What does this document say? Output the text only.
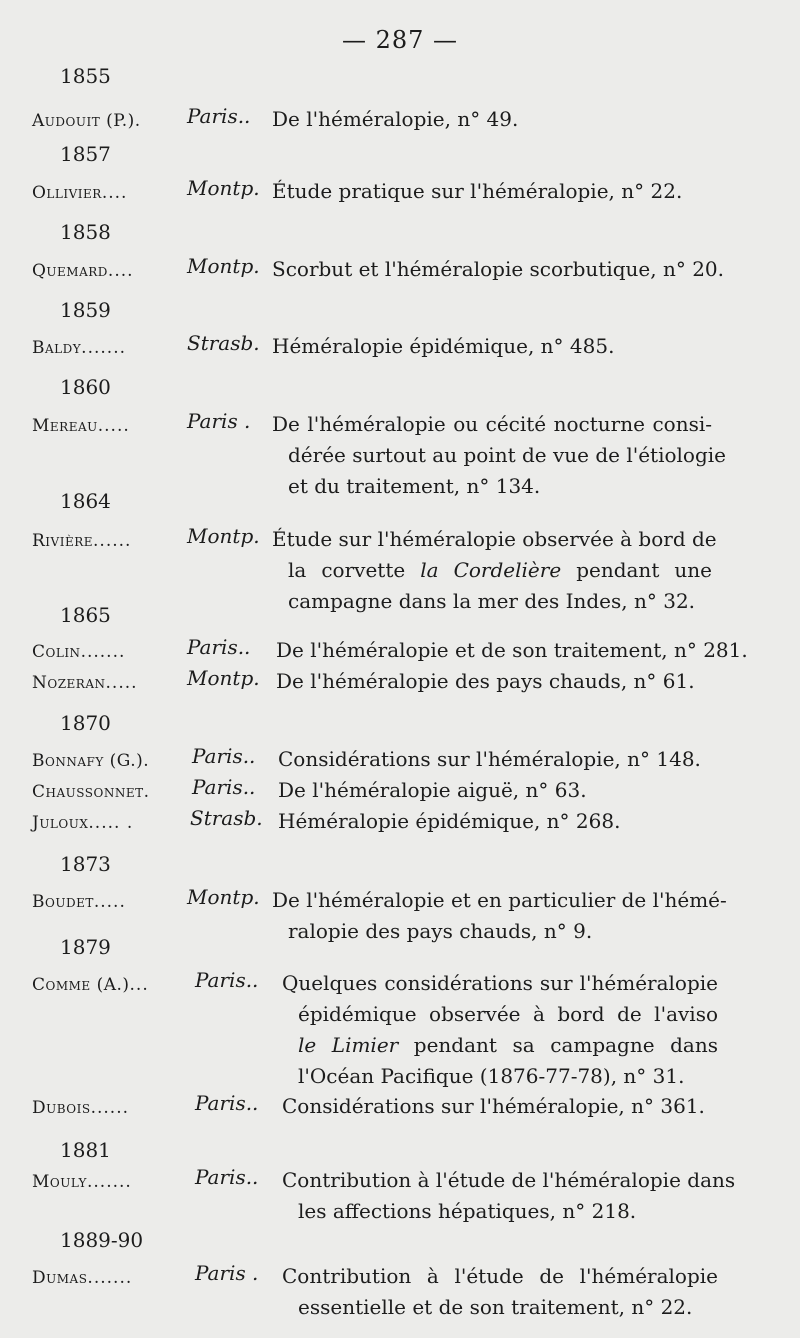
— 287 —
1855
Audouit (P.). Paris.. De l'héméralopie, n° 49.
1857
Ollivier....	Montp. Étude pratique sur l'héméralopie, n° 22.
1858
Quemard....	Montp. Scorbut et l'héméralopie scorbutique, n° 20.
1859
Baldy.......	Strasb. Héméralopie épidémique, n° 485.
1860
Mereau.....	Paris . De l'héméralopie ou cécité nocturne consi-
dérée surtout au point de vue de l'étiologie
et du traitement, n° 134.
1864
Rivière......	Montp. Étude sur l'héméralopie observée à bord de
la corvette la Cordelière pendant une
campagne dans la mer des Indes, n° 32.
1865
Colin.......	Paris.. De l'héméralopie et de son traitement, n° 281.
Nozeran..... Montp. De l'héméralopie des pays chauds, n° 61.
1870
Bonnafy (G.). Paris.. Considérations sur l'héméralopie, n° 148.
Chaussonnet. Paris.. De l'héméralopie aiguë, n° 63.
Juloux..... .	Strasb. Héméralopie épidémique, n° 268.
1873
Boudet.....	Montp. De l'héméralopie et en particulier de l'hémé-
ralopie des pays chauds, n° 9.
1879
Comme (A.)... Paris.. Quelques considérations sur l'héméralopie
épidémique observée à bord de l'aviso
le Limier pendant sa campagne dans
l'Océan Pacifique (1876-77-78), n° 31.
Dubois......	Paris.. Considérations sur l'héméralopie, n° 361.
1881
Mouly.......	Paris.. Contribution à l'étude de l'héméralopie dans
les affections hépatiques, n° 218.
1889-90
Dumas.......	Paris . Contribution à l'étude de l'héméralopie
essentielle et de son traitement, n° 22.
